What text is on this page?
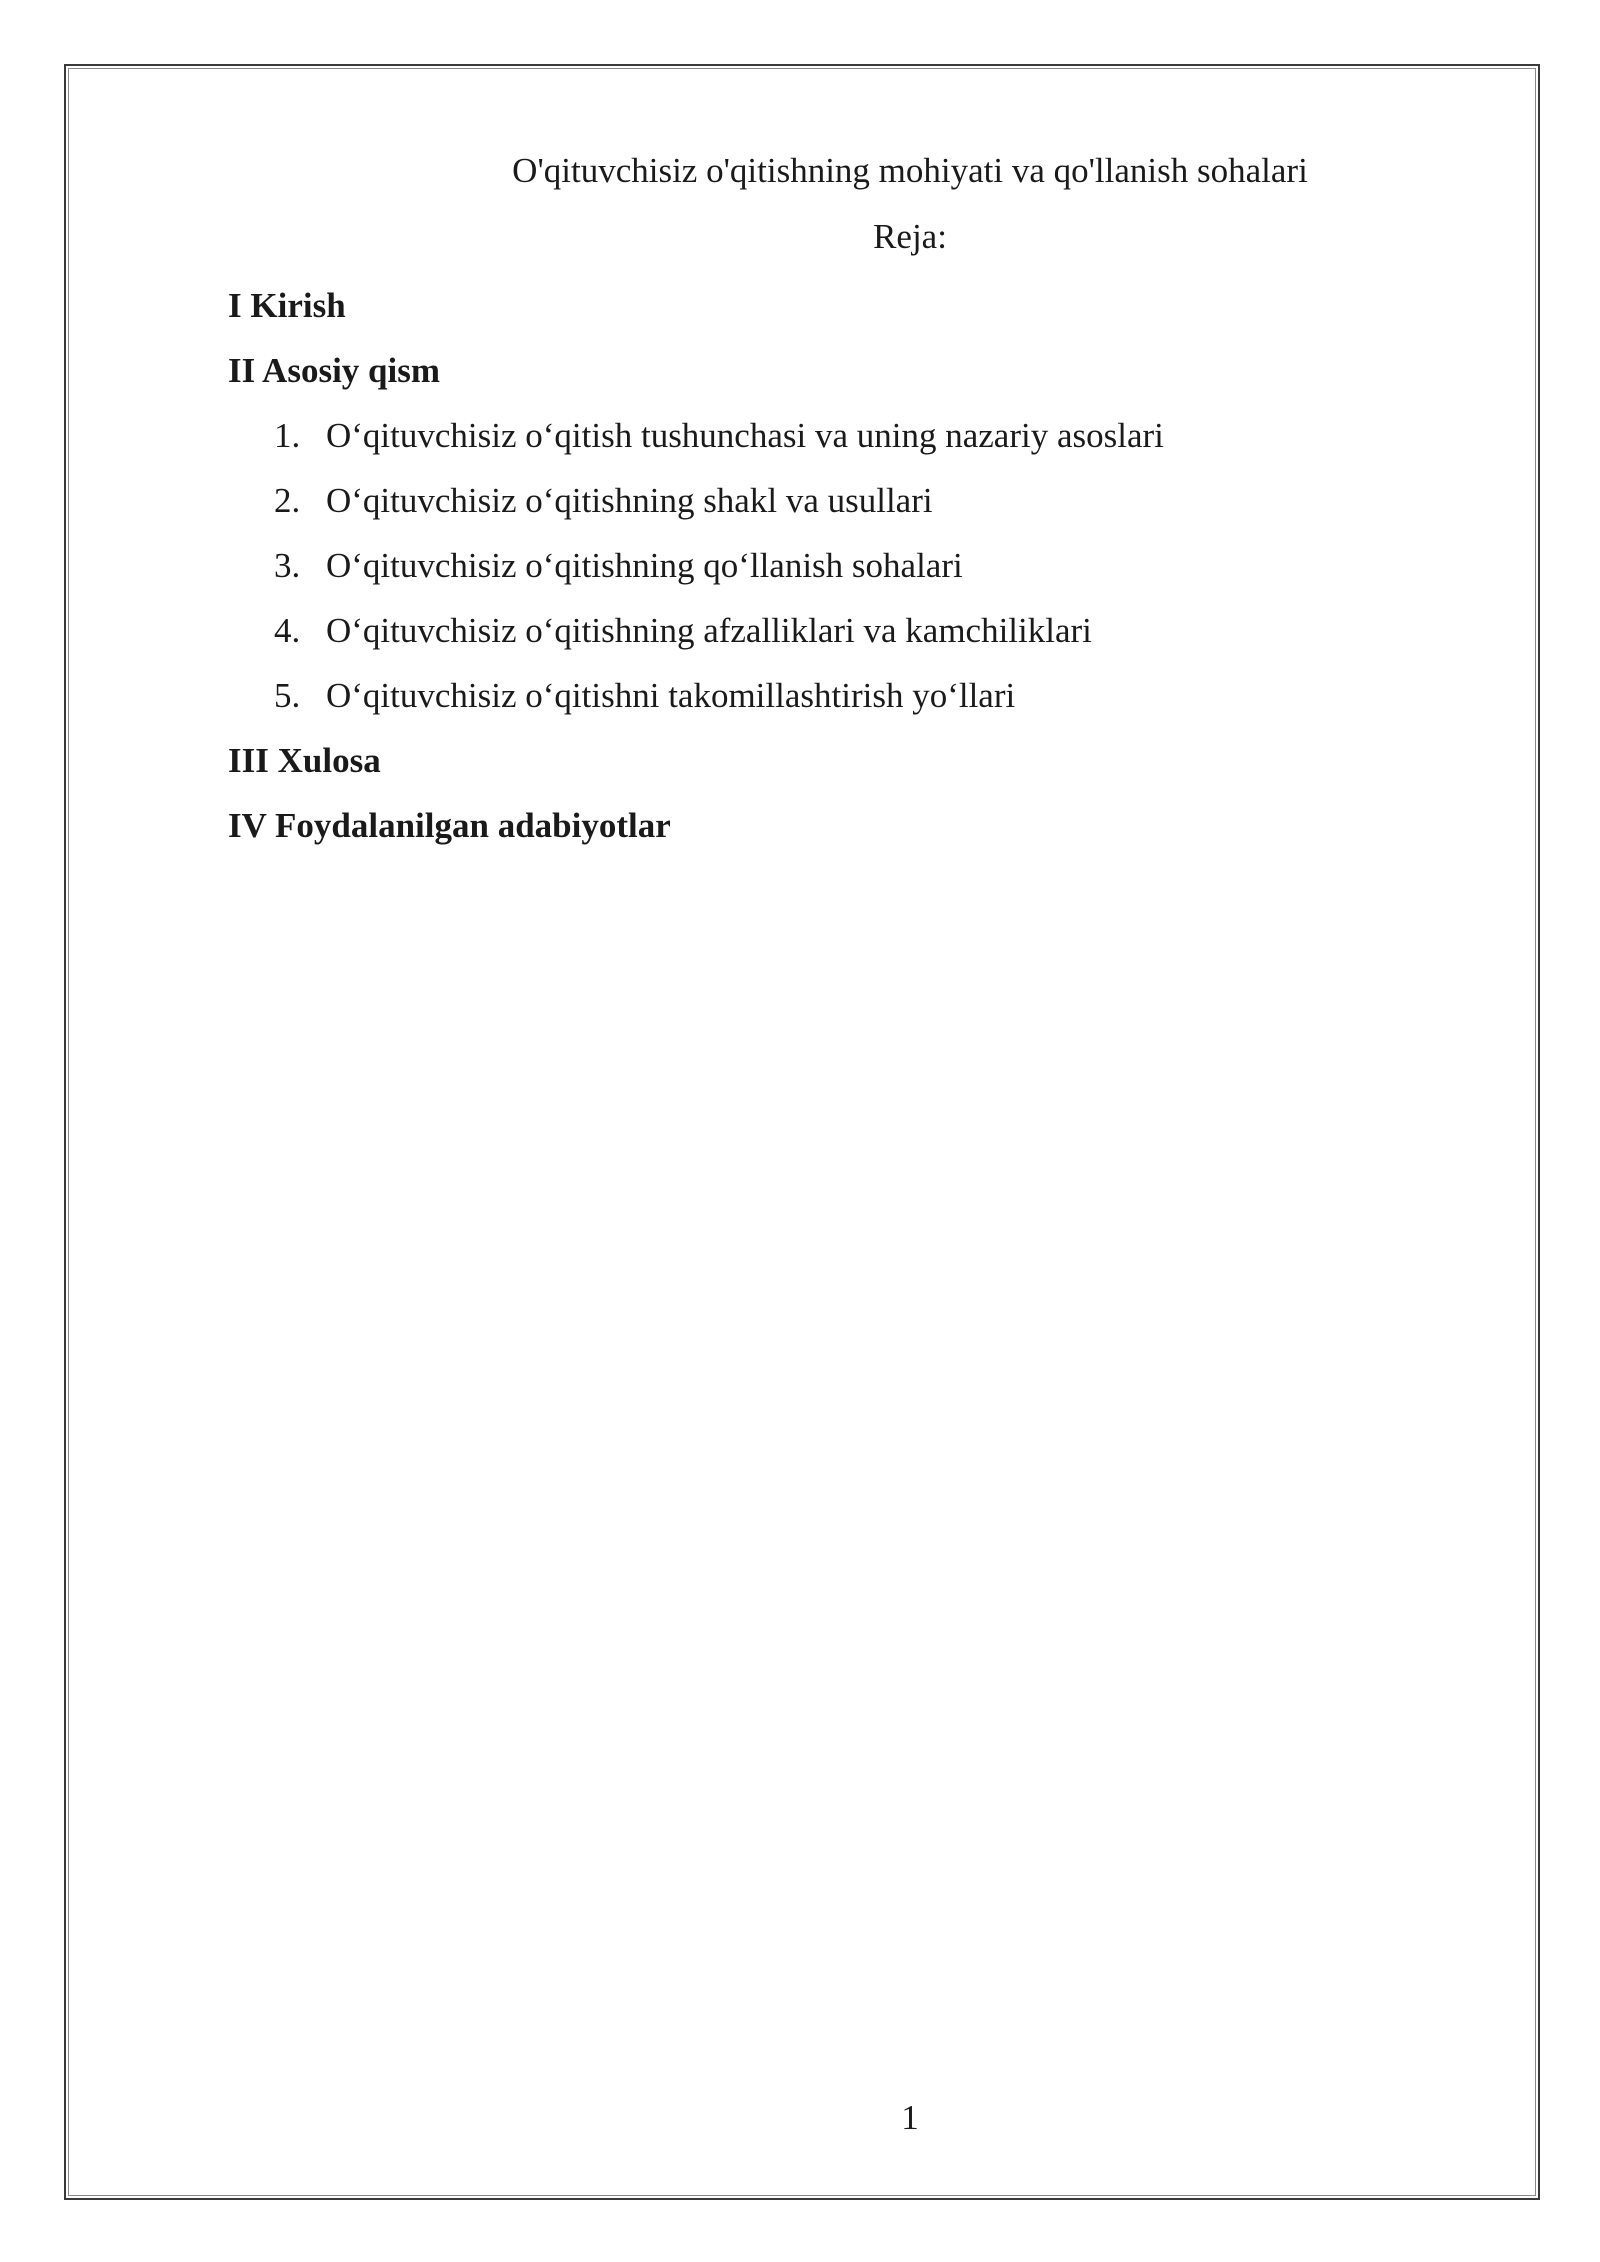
O'qituvchisiz o'qitishning mohiyati va qo'llanish sohalari
Reja:
I Kirish
II Asosiy qism
1. O‘qituvchisiz o‘qitish tushunchasi va uning nazariy asoslari
2. O‘qituvchisiz o‘qitishning shakl va usullari
3. O‘qituvchisiz o‘qitishning qo‘llanish sohalari
4. O‘qituvchisiz o‘qitishning afzalliklari va kamchiliklari
5. O‘qituvchisiz o‘qitishni takomillashtirish yo‘llari
III Xulosa
IV Foydalanilgan adabiyotlar
1
